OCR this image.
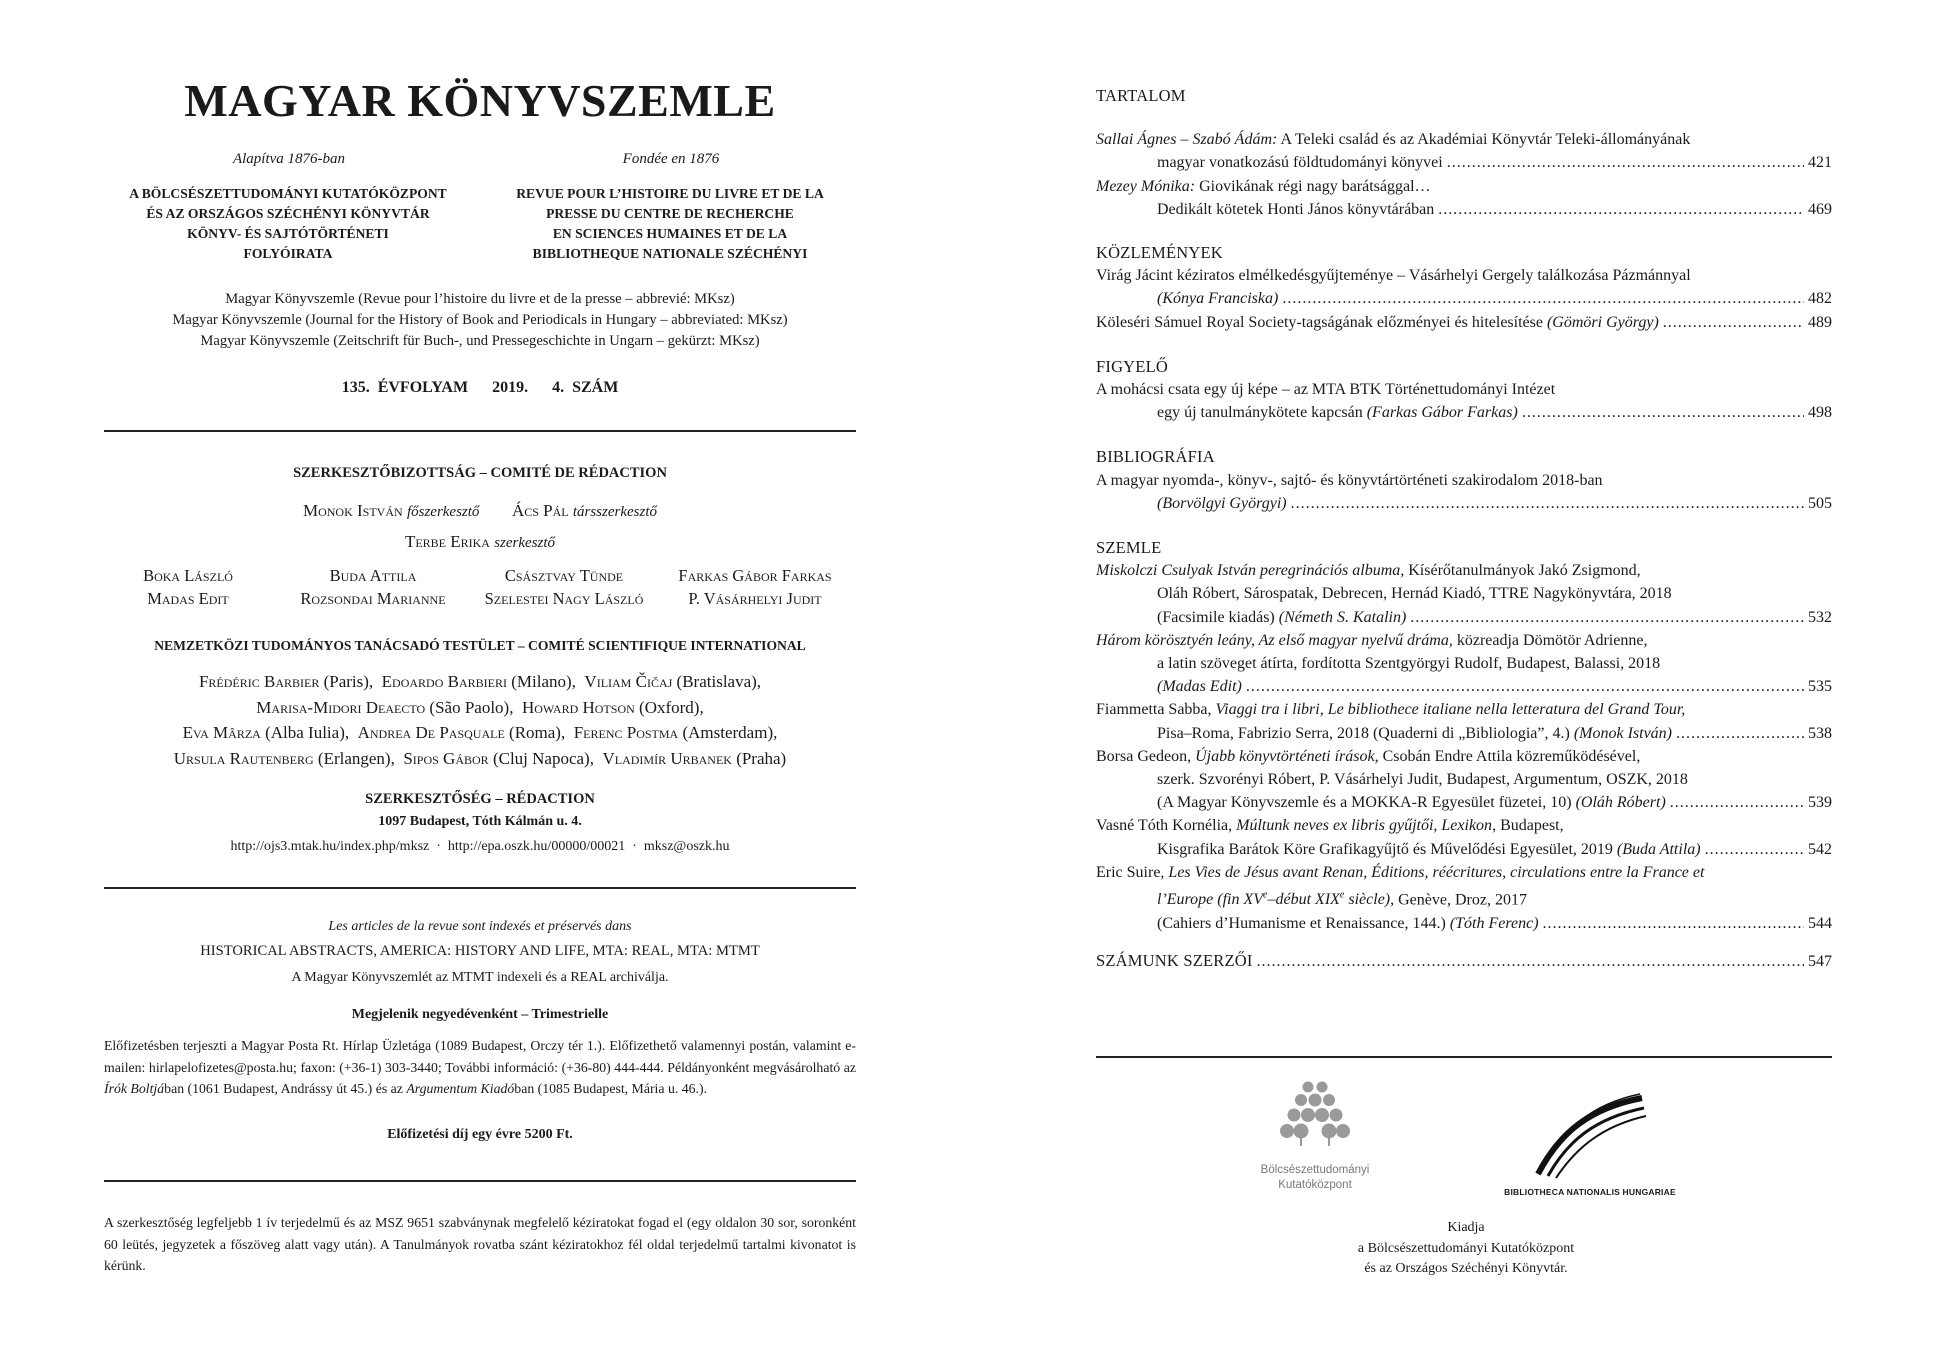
MAGYAR KÖNYVSZEMLE
Alapítva 1876-ban	Fondée en 1876
A BÖLCSÉSZETTUDOMÁNYI KUTATÓKÖZPONT
ÉS AZ ORSZÁGOS SZÉCHÉNYI KÖNYVTÁR
KÖNYV- ÉS SAJTÓTÖRTÉNETI
FOLYÓIRATA
REVUE POUR L’HISTOIRE DU LIVRE ET DE LA
PRESSE DU CENTRE DE RECHERCHE
EN SCIENCES HUMAINES ET DE LA
BIBLIOTHEQUE NATIONALE SZÉCHÉNYI
Magyar Könyvszemle (Revue pour l’histoire du livre et de la presse – abbrevié: MKsz)
Magyar Könyvszemle (Journal for the History of Book and Periodicals in Hungary – abbreviated: MKsz)
Magyar Könyvszemle (Zeitschrift für Buch-, und Pressegeschichte in Ungarn – gekürzt: MKsz)
135. ÉVFOLYAM   2019.   4. SZÁM
SZERKESZTŐBIZOTTSÁG – COMITÉ DE RÉDACTION
Monok István főszerkesztő Ács Pál társszerkesztő
Terbe Erika szerkesztő
Boka László	Buda Attila	Császtvay Tünde	Farkas Gábor Farkas
Madas Edit	Rozsondai Marianne	Szelestei Nagy László	P. Vásárhelyi Judit
NEMZETKÖZI TUDOMÁNYOS TANÁCSADÓ TESTÜLET – COMITÉ SCIENTIFIQUE INTERNATIONAL
Frédéric Barbier (Paris),  Edoardo Barbieri (Milano),  Viliam Čičaj (Bratislava),
Marisa-Midori Deaecto (São Paolo),  Howard Hotson (Oxford),
Eva Mârza (Alba Iulia),  Andrea De Pasquale (Roma),  Ferenc Postma (Amsterdam),
Ursula Rautenberg (Erlangen),  Sipos Gábor (Cluj Napoca),  Vladimír Urbanek (Praha)
SZERKESZTŐSÉG – RÉDACTION
1097 Budapest, Tóth Kálmán u. 4.
http://ojs3.mtak.hu/index.php/mksz  ·  http://epa.oszk.hu/00000/00021  ·  mksz@oszk.hu
Les articles de la revue sont indexés et préservés dans
HISTORICAL ABSTRACTS, AMERICA: HISTORY AND LIFE, MTA: REAL, MTA: MTMT
A Magyar Könyvszemlét az MTMT indexeli és a REAL archiválja.
Megjelenik negyedévenként – Trimestrielle
Előfizetésben terjeszti a Magyar Posta Rt. Hírlap Üzletága (1089 Budapest, Orczy tér 1.). Előfizethető valamennyi postán, valamint e-mailen: hirlapelofizetes@posta.hu; faxon: (+36-1) 303-3440; További információ: (+36-80) 444-444. Példányonként megvásárolható az Írók Boltjában (1061 Budapest, Andrássy út 45.) és az Argumentum Kiadóban (1085 Budapest, Mária u. 46.).
Előfizetési díj egy évre 5200 Ft.
A szerkesztőség legfeljebb 1 ív terjedelmű és az MSZ 9651 szabványnak megfelelő kéziratokat fogad el (egy oldalon 30 sor, soronként 60 leütés, jegyzetek a főszöveg alatt vagy után). A Tanulmányok rovatba szánt kéziratokhoz fél oldal terjedelmű tartalmi kivonatot is kérünk.
TARTALOM
Sallai Ágnes – Szabó Ádám: A Teleki család és az Akadémiai Könyvtár Teleki-állományának
magyar vonatkozású földtudományi könyvei . . .	421
Mezey Mónika: Giovikának régi nagy barátsággal…
Dedikált kötetek Honti János könyvtárában . . .	469
KÖZLEMÉNYEK
Virág Jácint kéziratos elmélkedésgyűjteménye – Vásárhelyi Gergely találkozása Pázmánnyal
(Kónya Franciska) . . .	482
Köleséri Sámuel Royal Society-tagságának előzményei és hitelesítése (Gömöri György) . . .	489
FIGYELŐ
A mohácsi csata egy új képe – az MTA BTK Történettudományi Intézet
egy új tanulmánykötete kapcsán (Farkas Gábor Farkas) . . .	498
BIBLIOGRÁFIA
A magyar nyomda-, könyv-, sajtó- és könyvtártörténeti szakirodalom 2018-ban
(Borvölgyi Györgyi) . . .	505
SZEMLE
Miskolczi Csulyak István peregrinációs albuma, Kísérőtanulmányok Jakó Zsigmond,
Oláh Róbert, Sárospatak, Debrecen, Hernád Kiadó, TTRE Nagykönyvtára, 2018
(Facsimile kiadás) (Németh S. Katalin) . . .	532
Három körösztyén leány, Az első magyar nyelvű dráma, közreadja Dömötör Adrienne,
a latin szöveget átírta, fordította Szentgyörgyi Rudolf, Budapest, Balassi, 2018
(Madas Edit) . . .	535
Fiammetta Sabba, Viaggi tra i libri, Le bibliothece italiane nella letteratura del Grand Tour,
Pisa–Roma, Fabrizio Serra, 2018 (Quaderni di „Bibliologia”, 4.) (Monok István) . . .	538
Borsa Gedeon, Újabb könyvtörténeti írások, Csobán Endre Attila közreműködésével,
szerk. Szvorényi Róbert, P. Vásárhelyi Judit, Budapest, Argumentum, OSZK, 2018
(A Magyar Könyvszemle és a MOKKA-R Egyesület füzetei, 10) (Oláh Róbert) . . .	539
Vasné Tóth Kornélia, Múltunk neves ex libris gyűjtői, Lexikon, Budapest,
Kisgrafika Barátok Köre Grafikagyűjtő és Művelődési Egyesület, 2019 (Buda Attila) . . .	542
Eric Suire, Les Vies de Jésus avant Renan, Éditions, réécritures, circulations entre la France et
l’Europe (fin XVe–début XIXe siècle), Genève, Droz, 2017
(Cahiers d’Humanisme et Renaissance, 144.) (Tóth Ferenc) . . .	544
SZÁMUNK SZERZŐI . . .	547
Bölcsészettudományi
Kutatóközpont
BIBLIOTHECA NATIONALIS HUNGARIAE
Kiadja
a Bölcsészettudományi Kutatóközpont
és az Országos Széchényi Könyvtár.
